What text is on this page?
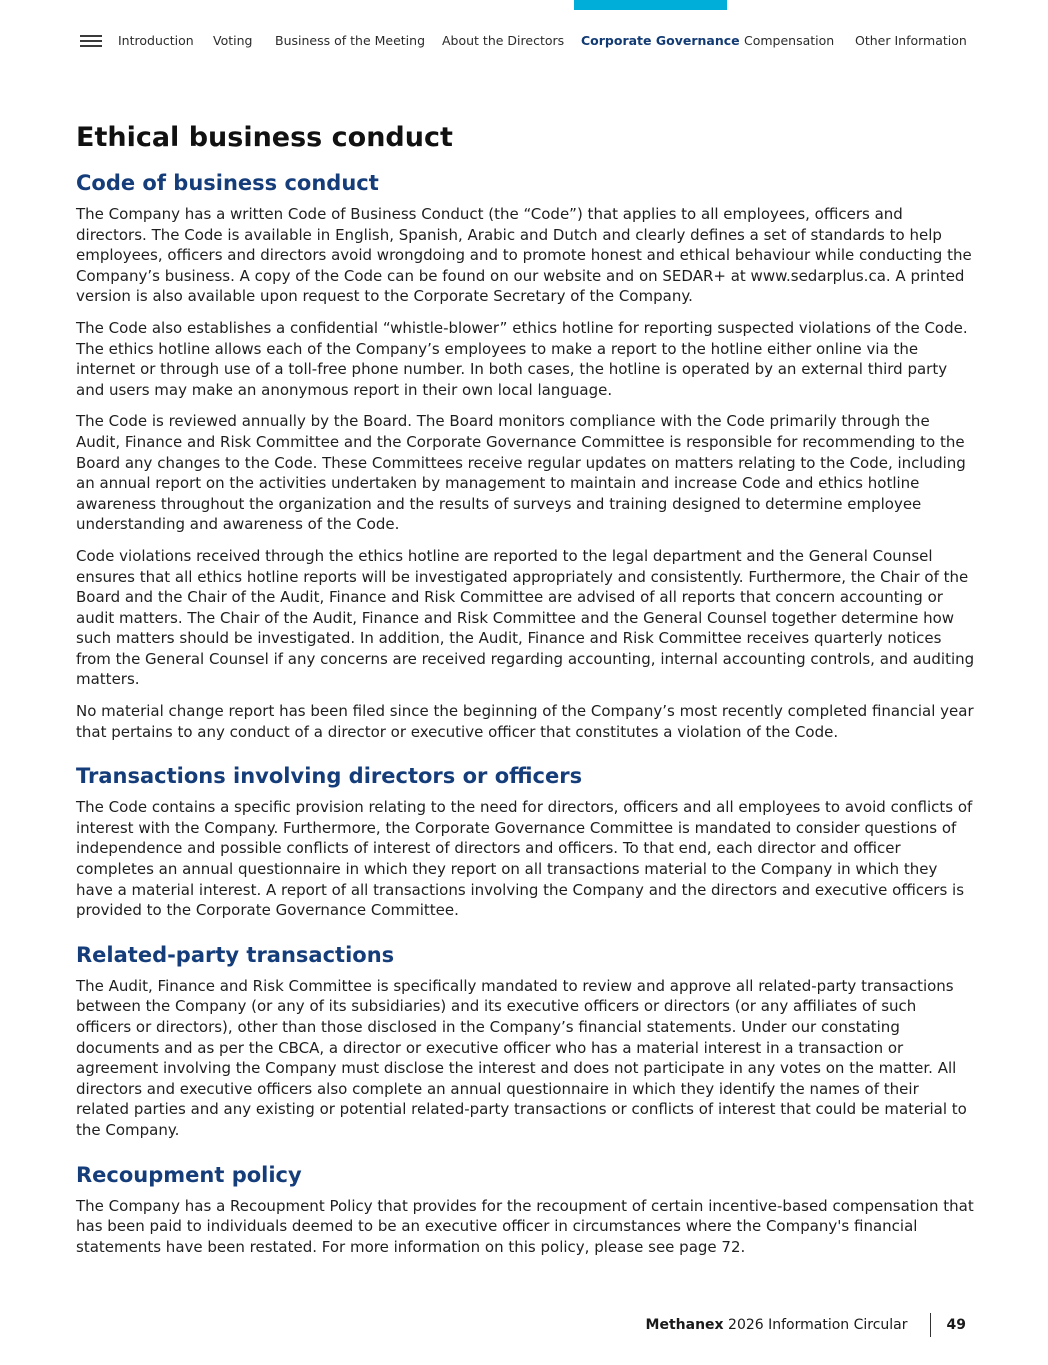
Introduction Voting Business of the Meeting About the Directors Corporate Governance Compensation Other Information
Ethical business conduct
Code of business conduct

The Company has a written Code of Business Conduct (the “Code”) that applies to all employees, officers and directors. The Code is available in English, Spanish, Arabic and Dutch and clearly defines a set of standards to help employees, officers and directors avoid wrongdoing and to promote honest and ethical behaviour while conducting the Company’s business. A copy of the Code can be found on our website and on SEDAR+ at www.sedarplus.ca. A printed version is also available upon request to the Corporate Secretary of the Company.

The Code also establishes a confidential “whistle-blower” ethics hotline for reporting suspected violations of the Code. The ethics hotline allows each of the Company’s employees to make a report to the hotline either online via the internet or through use of a toll-free phone number. In both cases, the hotline is operated by an external third party and users may make an anonymous report in their own local language.

The Code is reviewed annually by the Board. The Board monitors compliance with the Code primarily through the Audit, Finance and Risk Committee and the Corporate Governance Committee is responsible for recommending to the Board any changes to the Code. These Committees receive regular updates on matters relating to the Code, including an annual report on the activities undertaken by management to maintain and increase Code and ethics hotline awareness throughout the organization and the results of surveys and training designed to determine employee understanding and awareness of the Code.

Code violations received through the ethics hotline are reported to the legal department and the General Counsel ensures that all ethics hotline reports will be investigated appropriately and consistently. Furthermore, the Chair of the Board and the Chair of the Audit, Finance and Risk Committee are advised of all reports that concern accounting or audit matters. The Chair of the Audit, Finance and Risk Committee and the General Counsel together determine how such matters should be investigated. In addition, the Audit, Finance and Risk Committee receives quarterly notices from the General Counsel if any concerns are received regarding accounting, internal accounting controls, and auditing matters.

No material change report has been filed since the beginning of the Company’s most recently completed financial year that pertains to any conduct of a director or executive officer that constitutes a violation of the Code.

Transactions involving directors or officers

The Code contains a specific provision relating to the need for directors, officers and all employees to avoid conflicts of interest with the Company. Furthermore, the Corporate Governance Committee is mandated to consider questions of independence and possible conflicts of interest of directors and officers. To that end, each director and officer completes an annual questionnaire in which they report on all transactions material to the Company in which they have a material interest. A report of all transactions involving the Company and the directors and executive officers is provided to the Corporate Governance Committee.

Related-party transactions

The Audit, Finance and Risk Committee is specifically mandated to review and approve all related-party transactions between the Company (or any of its subsidiaries) and its executive officers or directors (or any affiliates of such officers or directors), other than those disclosed in the Company’s financial statements. Under our constating documents and as per the CBCA, a director or executive officer who has a material interest in a transaction or agreement involving the Company must disclose the interest and does not participate in any votes on the matter. All directors and executive officers also complete an annual questionnaire in which they identify the names of their related parties and any existing or potential related-party transactions or conflicts of interest that could be material to the Company.

Recoupment policy

The Company has a Recoupment Policy that provides for the recoupment of certain incentive-based compensation that has been paid to individuals deemed to be an executive officer in circumstances where the Company's financial statements have been restated. For more information on this policy, please see page 72.

Methanex
2026 Information Circular	49
